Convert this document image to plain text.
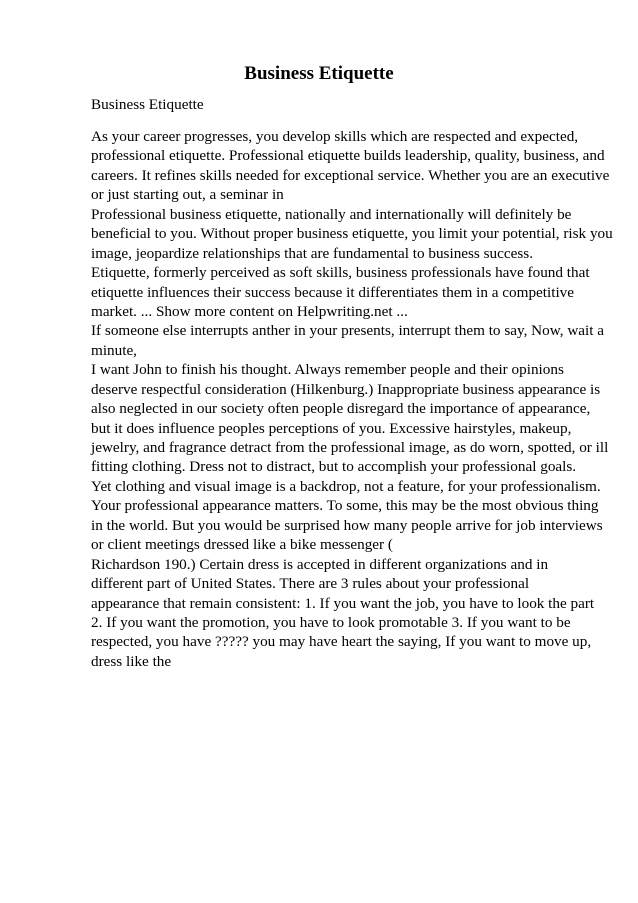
Business Etiquette
Business Etiquette
As your career progresses, you develop skills which are respected and expected,
professional etiquette. Professional etiquette builds leadership, quality, business, and
careers. It refines skills needed for exceptional service. Whether you are an executive
or just starting out, a seminar in
Professional business etiquette, nationally and internationally will definitely be
beneficial to you. Without proper business etiquette, you limit your potential, risk you
image, jeopardize relationships that are fundamental to business success.
Etiquette, formerly perceived as soft skills, business professionals have found that
etiquette influences their success because it differentiates them in a competitive
market. ... Show more content on Helpwriting.net ...
If someone else interrupts anther in your presents, interrupt them to say, Now, wait a
minute,
I want John to finish his thought. Always remember people and their opinions
deserve respectful consideration (Hilkenburg.) Inappropriate business appearance is
also neglected in our society often people disregard the importance of appearance,
but it does influence peoples perceptions of you. Excessive hairstyles, makeup,
jewelry, and fragrance detract from the professional image, as do worn, spotted, or ill
fitting clothing. Dress not to distract, but to accomplish your professional goals.
Yet clothing and visual image is a backdrop, not a feature, for your professionalism.
Your professional appearance matters. To some, this may be the most obvious thing
in the world. But you would be surprised how many people arrive for job interviews
or client meetings dressed like a bike messenger (
Richardson 190.) Certain dress is accepted in different organizations and in
different part of United States. There are 3 rules about your professional
appearance that remain consistent: 1. If you want the job, you have to look the part
2. If you want the promotion, you have to look promotable 3. If you want to be
respected, you have ????? you may have heart the saying, If you want to move up,
dress like the
